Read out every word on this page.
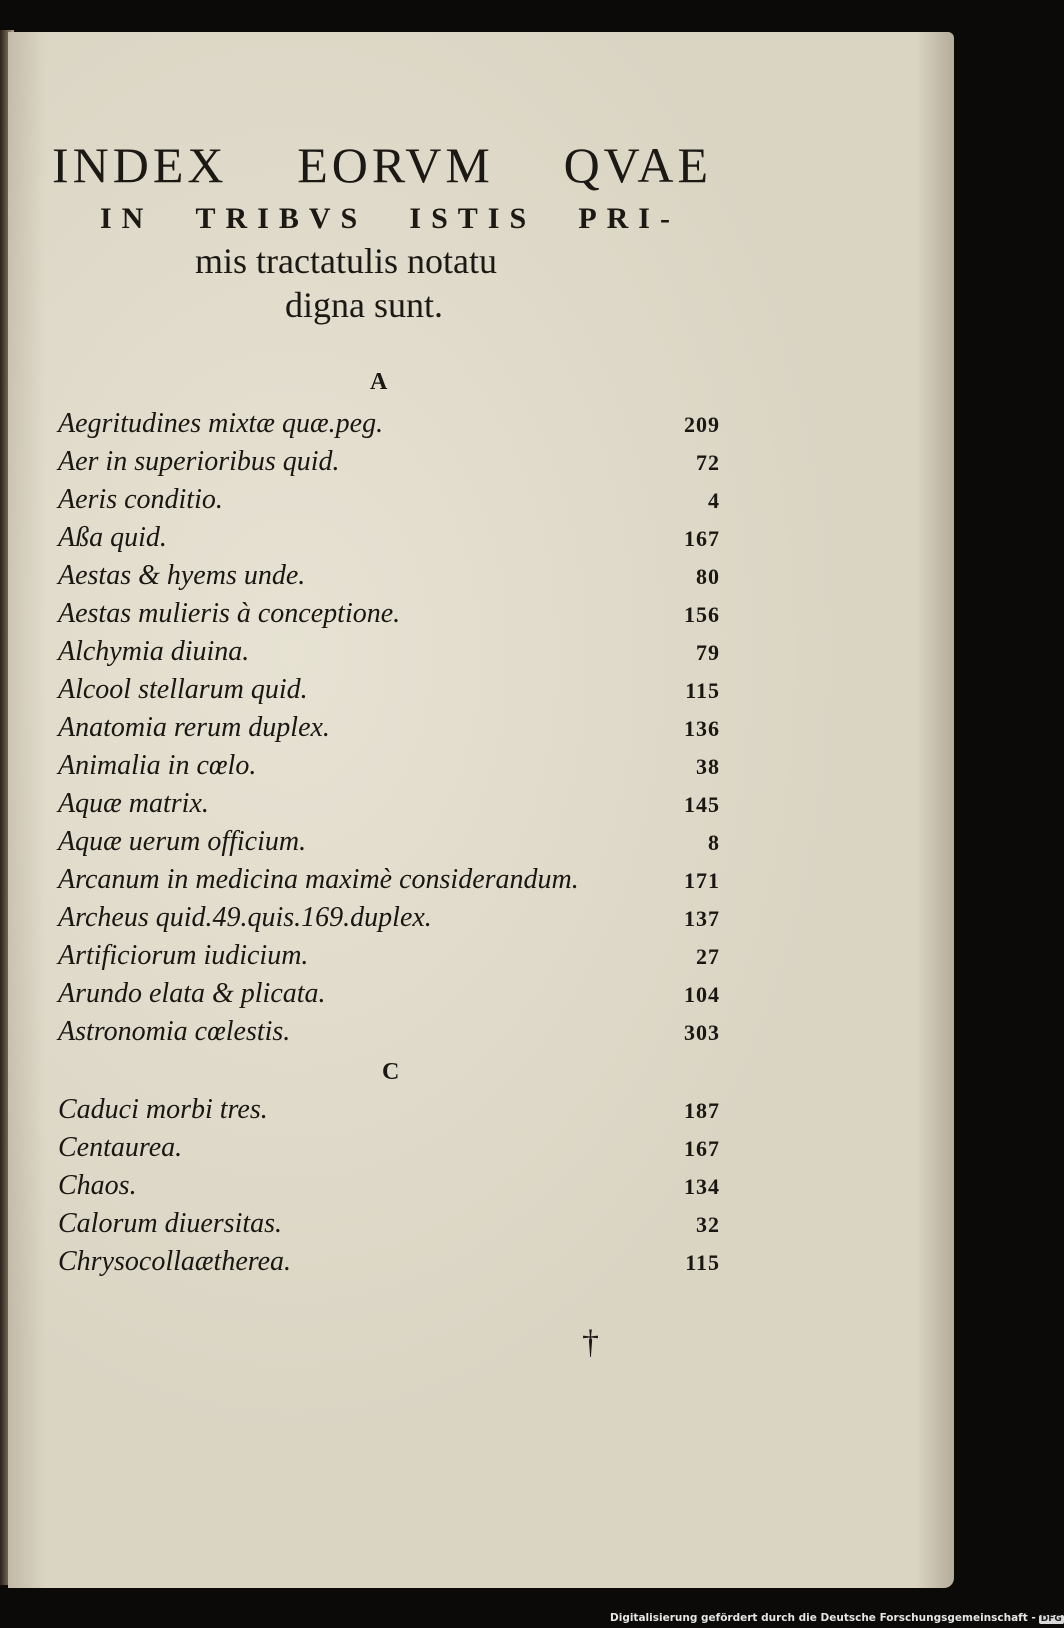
INDEX EORVM QVAE
IN TRIBVS ISTIS PRI-
mis tractatulis notatu
digna sunt.
A
Aegritudines mixtæ quæ.peg.	209
Aer in superioribus quid.	72
Aeris conditio.	4
Aßa quid.	167
Aestas & hyems unde.	80
Aestas mulieris à conceptione.	156
Alchymia diuina.	79
Alcool stellarum quid.	115
Anatomia rerum duplex.	136
Animalia in cœlo.	38
Aquæ matrix.	145
Aquæ uerum officium.	8
Arcanum in medicina maximè considerandum.	171
Archeus quid.49.quis.169.duplex.	137
Artificiorum iudicium.	27
Arundo elata & plicata.	104
Astronomia cœlestis.	303
C
Caduci morbi tres.	187
Centaurea.	167
Chaos.	134
Calorum diuersitas.	32
Chrysocollaætherea.	115
†
Digitalisierung gefördert durch die Deutsche Forschungsgemeinschaft - DFG
